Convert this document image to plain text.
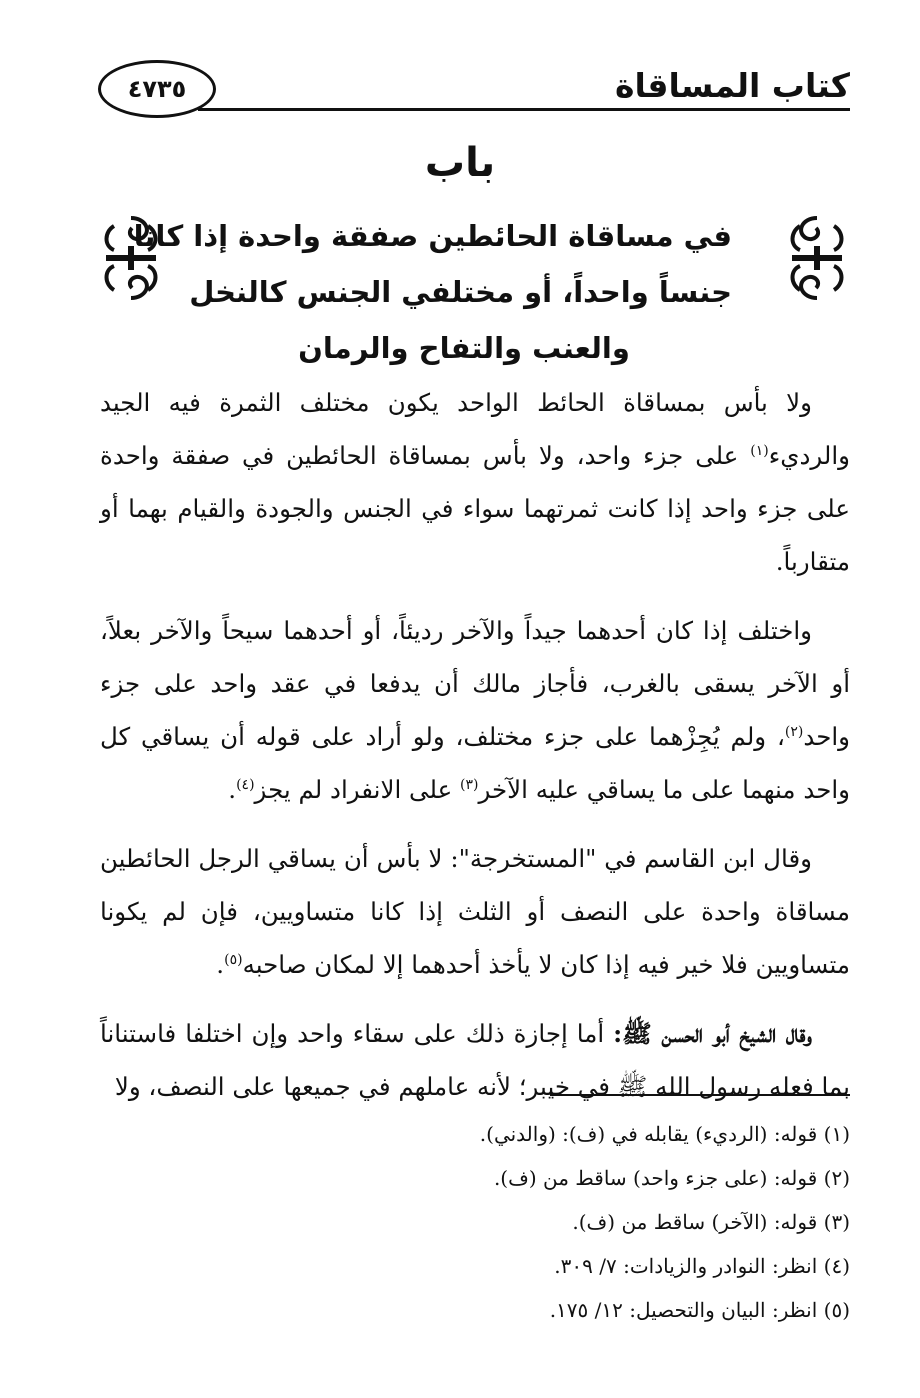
كتاب المساقاة
٤٧٣٥
باب
في مساقاة الحائطين صفقة واحدة إذا كانا
جنساً واحداً، أو مختلفي الجنس كالنخل
والعنب والتفاح والرمان

ولا بأس بمساقاة الحائط الواحد يكون مختلف الثمرة فيه الجيد والرديء$^{(١)}$ على جزء واحد، ولا بأس بمساقاة الحائطين في صفقة واحدة على جزء واحد إذا كانت ثمرتهما سواء في الجنس والجودة والقيام بهما أو متقارباً.

واختلف إذا كان أحدهما جيداً والآخر رديئاً، أو أحدهما سيحاً والآخر بعلاً، أو الآخر يسقى بالغرب، فأجاز مالك أن يدفعا في عقد واحد على جزء واحد$^{(٢)}$، ولم يُجِزْهما على جزء مختلف، ولو أراد على قوله أن يساقي كل واحد منهما على ما يساقي عليه الآخر$^{(٣)}$ على الانفراد لم يجز$^{(٤)}$.

وقال ابن القاسم في "المستخرجة": لا بأس أن يساقي الرجل الحائطين مساقاة واحدة على النصف أو الثلث إذا كانا متساويين، فإن لم يكونا متساويين فلا خير فيه إذا كان لا يأخذ أحدهما إلا لمكان صاحبه$^{(٥)}$.

وقال الشيخ أبو الحسن ﷺ: أما إجازة ذلك على سقاء واحد وإن اختلفا فاستناناً بما فعله رسول الله ﷺ في خيبر؛ لأنه عاملهم في جميعها على النصف، ولا

(١) قوله: (الرديء) يقابله في (ف): (والدني).
(٢) قوله: (على جزء واحد) ساقط من (ف).
(٣) قوله: (الآخر) ساقط من (ف).
(٤) انظر: النوادر والزيادات: ٧/ ٣٠٩.
(٥) انظر: البيان والتحصيل: ١٢/ ١٧٥.
